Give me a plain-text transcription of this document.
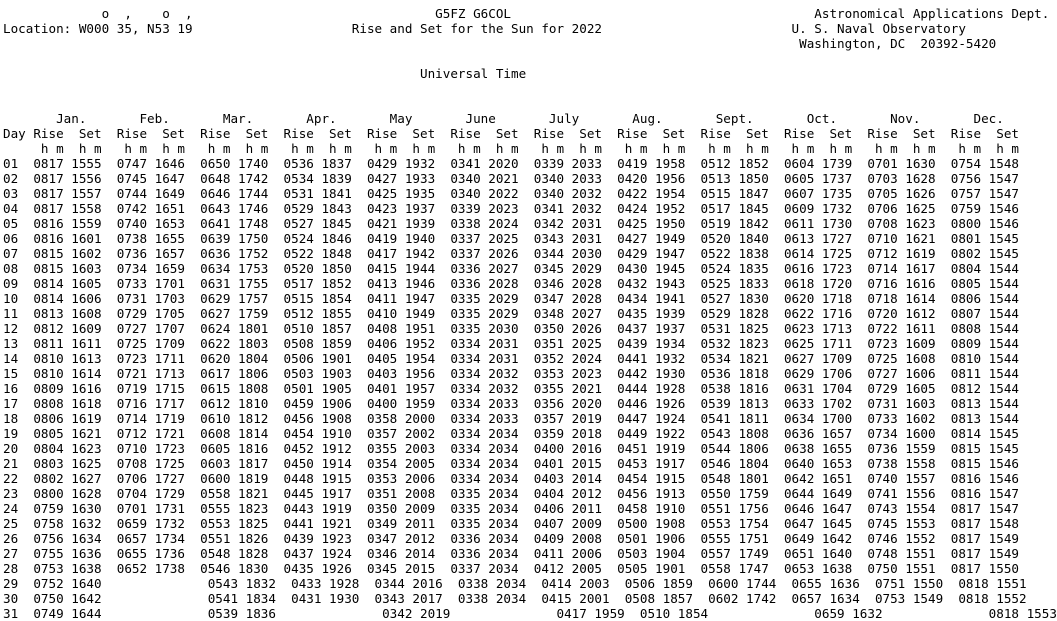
o  ,    o  ,                                G5FZ G6COL                                        Astronomical Applications Dept.
Location: W000 35, N53 19                     Rise and Set for the Sun for 2022                         U. S. Naval Observatory
Washington, DC  20392-5420

Universal Time

Jan.       Feb.       Mar.       Apr.       May       June       July       Aug.       Sept.       Oct.       Nov.       Dec.
Day Rise  Set  Rise  Set  Rise  Set  Rise  Set  Rise  Set  Rise  Set  Rise  Set  Rise  Set  Rise  Set  Rise  Set  Rise  Set  Rise  Set
h m  h m   h m  h m   h m  h m   h m  h m   h m  h m   h m  h m   h m  h m   h m  h m   h m  h m   h m  h m   h m  h m   h m  h m
01  0817 1555  0747 1646  0650 1740  0536 1837  0429 1932  0341 2020  0339 2033  0419 1958  0512 1852  0604 1739  0701 1630  0754 1548
02  0817 1556  0745 1647  0648 1742  0534 1839  0427 1933  0340 2021  0340 2033  0420 1956  0513 1850  0605 1737  0703 1628  0756 1547
03  0817 1557  0744 1649  0646 1744  0531 1841  0425 1935  0340 2022  0340 2032  0422 1954  0515 1847  0607 1735  0705 1626  0757 1547
04  0817 1558  0742 1651  0643 1746  0529 1843  0423 1937  0339 2023  0341 2032  0424 1952  0517 1845  0609 1732  0706 1625  0759 1546
05  0816 1559  0740 1653  0641 1748  0527 1845  0421 1939  0338 2024  0342 2031  0425 1950  0519 1842  0611 1730  0708 1623  0800 1546
06  0816 1601  0738 1655  0639 1750  0524 1846  0419 1940  0337 2025  0343 2031  0427 1949  0520 1840  0613 1727  0710 1621  0801 1545
07  0815 1602  0736 1657  0636 1752  0522 1848  0417 1942  0337 2026  0344 2030  0429 1947  0522 1838  0614 1725  0712 1619  0802 1545
08  0815 1603  0734 1659  0634 1753  0520 1850  0415 1944  0336 2027  0345 2029  0430 1945  0524 1835  0616 1723  0714 1617  0804 1544
09  0814 1605  0733 1701  0631 1755  0517 1852  0413 1946  0336 2028  0346 2028  0432 1943  0525 1833  0618 1720  0716 1616  0805 1544
10  0814 1606  0731 1703  0629 1757  0515 1854  0411 1947  0335 2029  0347 2028  0434 1941  0527 1830  0620 1718  0718 1614  0806 1544
11  0813 1608  0729 1705  0627 1759  0512 1855  0410 1949  0335 2029  0348 2027  0435 1939  0529 1828  0622 1716  0720 1612  0807 1544
12  0812 1609  0727 1707  0624 1801  0510 1857  0408 1951  0335 2030  0350 2026  0437 1937  0531 1825  0623 1713  0722 1611  0808 1544
13  0811 1611  0725 1709  0622 1803  0508 1859  0406 1952  0334 2031  0351 2025  0439 1934  0532 1823  0625 1711  0723 1609  0809 1544
14  0810 1613  0723 1711  0620 1804  0506 1901  0405 1954  0334 2031  0352 2024  0441 1932  0534 1821  0627 1709  0725 1608  0810 1544
15  0810 1614  0721 1713  0617 1806  0503 1903  0403 1956  0334 2032  0353 2023  0442 1930  0536 1818  0629 1706  0727 1606  0811 1544
16  0809 1616  0719 1715  0615 1808  0501 1905  0401 1957  0334 2032  0355 2021  0444 1928  0538 1816  0631 1704  0729 1605  0812 1544
17  0808 1618  0716 1717  0612 1810  0459 1906  0400 1959  0334 2033  0356 2020  0446 1926  0539 1813  0633 1702  0731 1603  0813 1544
18  0806 1619  0714 1719  0610 1812  0456 1908  0358 2000  0334 2033  0357 2019  0447 1924  0541 1811  0634 1700  0733 1602  0813 1544
19  0805 1621  0712 1721  0608 1814  0454 1910  0357 2002  0334 2034  0359 2018  0449 1922  0543 1808  0636 1657  0734 1600  0814 1545
20  0804 1623  0710 1723  0605 1816  0452 1912  0355 2003  0334 2034  0400 2016  0451 1919  0544 1806  0638 1655  0736 1559  0815 1545
21  0803 1625  0708 1725  0603 1817  0450 1914  0354 2005  0334 2034  0401 2015  0453 1917  0546 1804  0640 1653  0738 1558  0815 1546
22  0802 1627  0706 1727  0600 1819  0448 1915  0353 2006  0334 2034  0403 2014  0454 1915  0548 1801  0642 1651  0740 1557  0816 1546
23  0800 1628  0704 1729  0558 1821  0445 1917  0351 2008  0335 2034  0404 2012  0456 1913  0550 1759  0644 1649  0741 1556  0816 1547
24  0759 1630  0701 1731  0555 1823  0443 1919  0350 2009  0335 2034  0406 2011  0458 1910  0551 1756  0646 1647  0743 1554  0817 1547
25  0758 1632  0659 1732  0553 1825  0441 1921  0349 2011  0335 2034  0407 2009  0500 1908  0553 1754  0647 1645  0745 1553  0817 1548
26  0756 1634  0657 1734  0551 1826  0439 1923  0347 2012  0336 2034  0409 2008  0501 1906  0555 1751  0649 1642  0746 1552  0817 1549
27  0755 1636  0655 1736  0548 1828  0437 1924  0346 2014  0336 2034  0411 2006  0503 1904  0557 1749  0651 1640  0748 1551  0817 1549
28  0753 1638  0652 1738  0546 1830  0435 1926  0345 2015  0337 2034  0412 2005  0505 1901  0558 1747  0653 1638  0750 1551  0817 1550
29  0752 1640              0543 1832  0433 1928  0344 2016  0338 2034  0414 2003  0506 1859  0600 1744  0655 1636  0751 1550  0818 1551
30  0750 1642              0541 1834  0431 1930  0343 2017  0338 2034  0415 2001  0508 1857  0602 1742  0657 1634  0753 1549  0818 1552
31  0749 1644              0539 1836              0342 2019              0417 1959  0510 1854              0659 1632              0818 1553
